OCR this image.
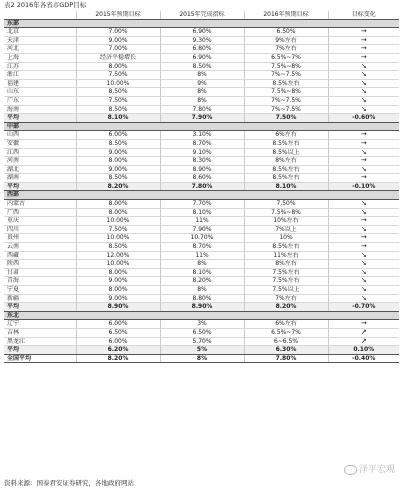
表2 2016年各省市GDP目标
	2015年预期目标	2015年完成指标	2016年预期目标	目标变化
东部				
北京	7.00%	6.90%	6.50%	→
天津	9.00%	9.30%	9%左右	→
河北	7.00%	6.80%	7%左右	→
上海	经济平稳增长	6.90%	6.5%~7%	→
江苏	8.00%	8.50%	7.5%~8%	↘
浙江	7.50%	8%	7%~7.5%	↘
福建	10.00%	9%	8.5%左右	↘
山东	8.50%	8%	7.5%~8%	↘
广东	7.50%	8%	7%~7.5%	↘
海南	8.50%	7.80%	7%~7.5%	↘
平均	8.10%	7.90%	7.50%	-0.60%
中部				
山西	6.00%	3.10%	6%左右	→
安徽	8.50%	8.70%	8.5%左右	→
江西	9.00%	9.10%	8.5%以上	↘
河南	8.00%	8.30%	8%左右	→
湖北	9.00%	8.90%	8.5%左右	↘
湖南	8.50%	8.60%	8.5%左右	→
平均	8.20%	7.80%	8.10%	-0.10%
西部				
内蒙古	8.00%	7.70%	7.50%	↘
广西	8.00%	8.10%	7.5%~8%	↘
重庆	10.00%	11%	10%左右	→
四川	7.50%	7.90%	7%以上	↘
贵州	10.00%	10.70%	10%	→
云南	8.50%	8.70%	8.5%左右	→
西藏	12.00%	11%	11%左右	↘
陕西	10.00%	8%	8%左右	↘
甘肃	8.00%	8.10%	7.5%左右	↘
青海	9.00%	8.20%	7.5%左右	↘
宁夏	8.00%	8%	7.5%以上	↘
新疆	9.00%	8.80%	7%左右	↘
平均	8.90%	8.90%	8.20%	-0.70%
东北				
辽宁	6.00%	3%	6%左右	→
吉林	6.50%	6.50%	6.5%~7%	↗
黑龙江	6.00%	5.70%	6~6.5%	↗
平均	6.20%	5%	6.30%	0.10%
全国平均	8.20%	8%	7.80%	-0.40%
泽平宏观
资料来源：国泰君安证券研究，各地政府网站
